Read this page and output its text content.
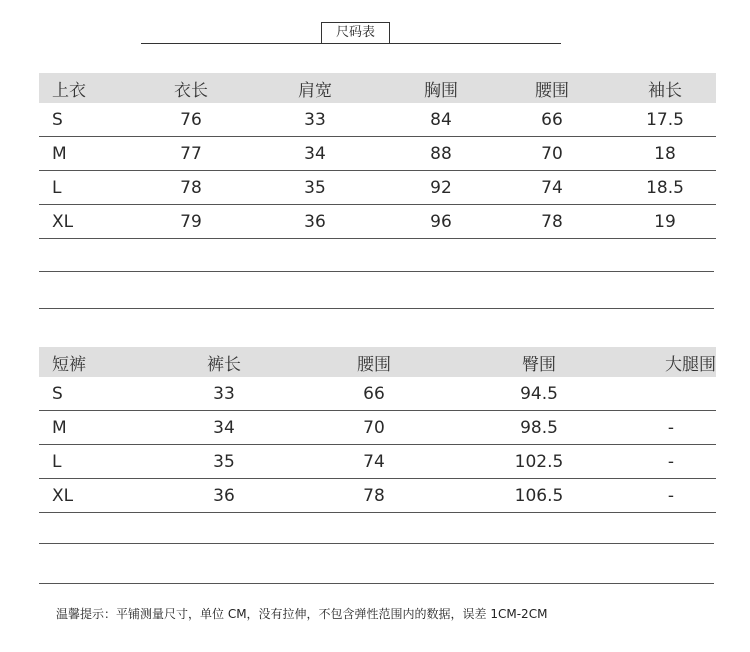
尺码表
上衣	衣长	肩宽	胸围	腰围	袖长
S	76	33	84	66	17.5
M	77	34	88	70	18
L	78	35	92	74	18.5
XL	79	36	96	78	19
短裤	裤长	腰围	臀围	大腿围
S	33	66	94.5
M	34	70	98.5	-
L	35	74	102.5	-
XL	36	78	106.5	-
温馨提示：平铺测量尺寸，单位 CM，没有拉伸，不包含弹性范围内的数据，误差 1CM-2CM
